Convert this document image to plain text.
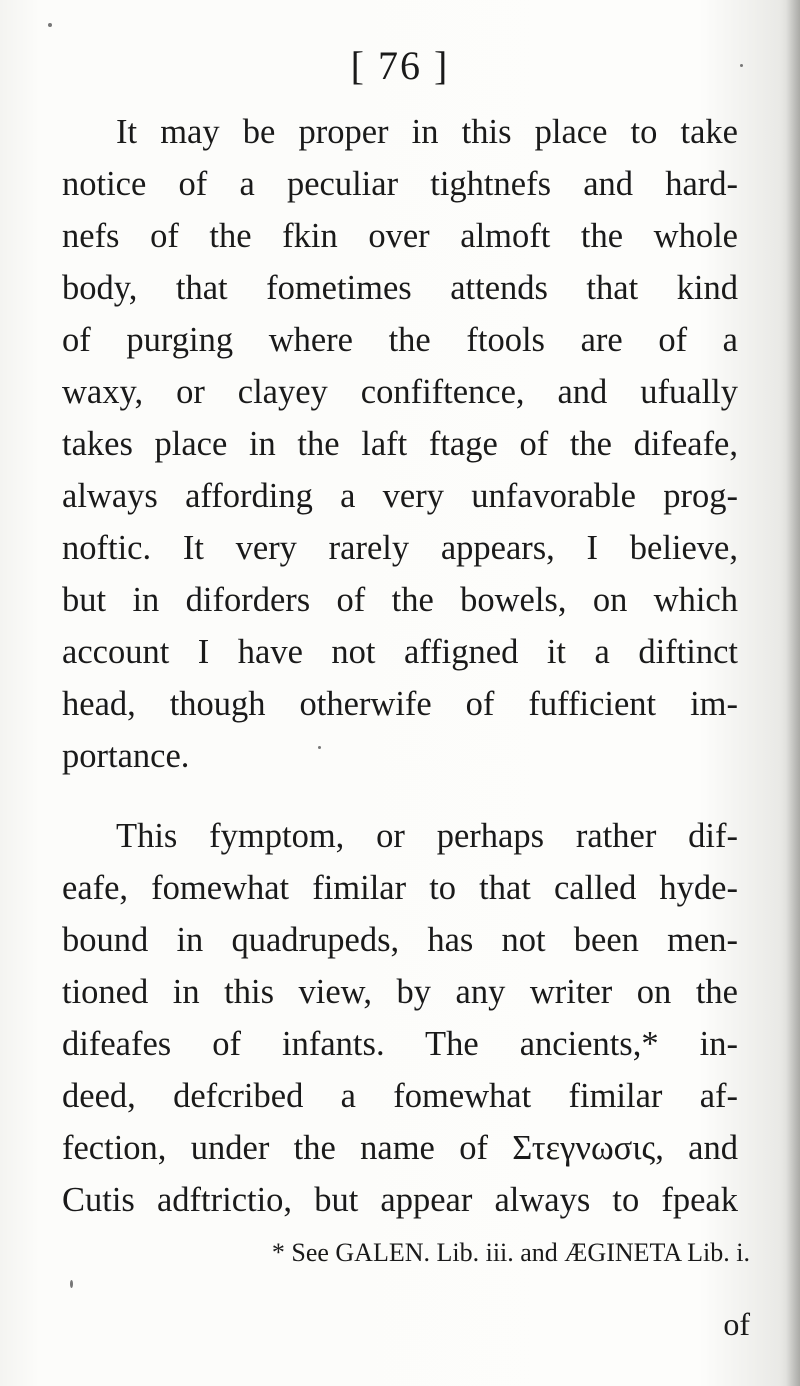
[ 76 ]
It may be proper in this place to take
notice of a peculiar tightnefs and hard-
nefs of the fkin over almoft the whole
body, that fometimes attends that kind
of purging where the ftools are of a
waxy, or clayey confiftence, and ufually
takes place in the laft ftage of the difeafe,
always affording a very unfavorable prog-
noftic. It very rarely appears, I believe,
but in diforders of the bowels, on which
account I have not affigned it a diftinct
head, though otherwife of fufficient im-
portance.
This fymptom, or perhaps rather dif-
eafe, fomewhat fimilar to that called hyde-
bound in quadrupeds, has not been men-
tioned in this view, by any writer on the
difeafes of infants. The ancients,* in-
deed, defcribed a fomewhat fimilar af-
fection, under the name of Στεγνωσις, and
Cutis adftrictio, but appear always to fpeak
* See GALEN. Lib. iii. and ÆGINETA Lib. i.
of
